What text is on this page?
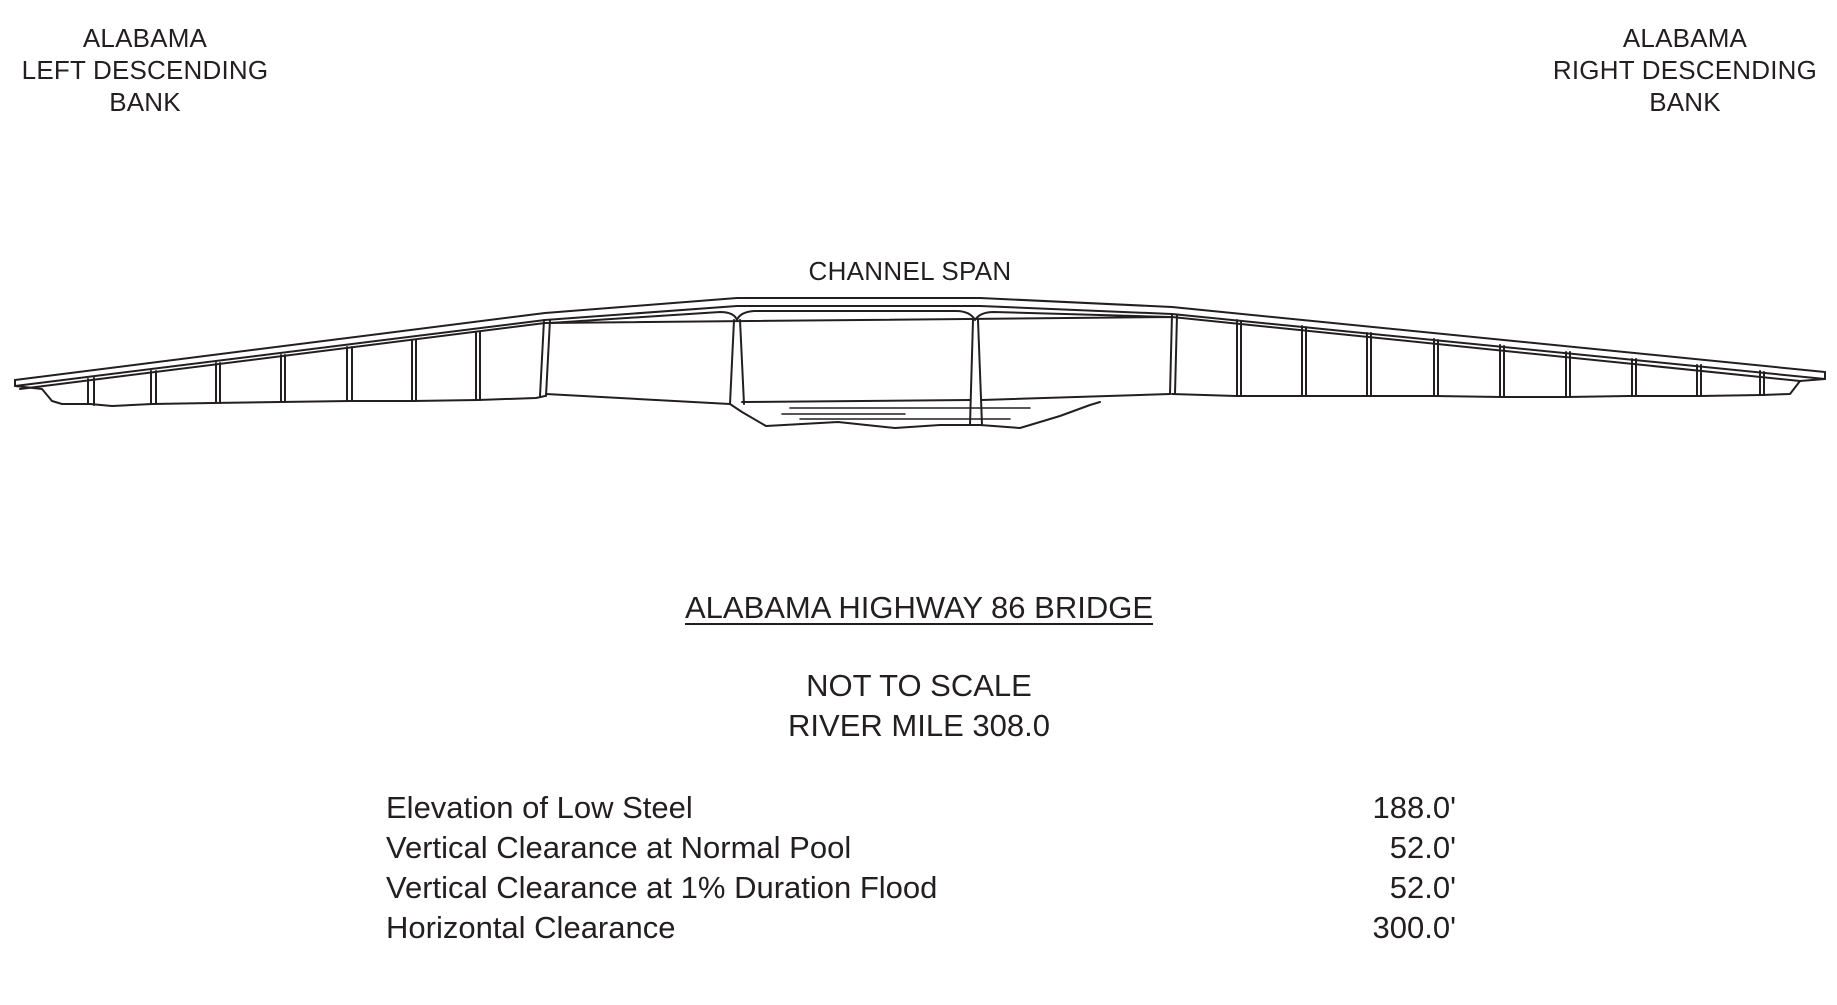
ALABAMA
LEFT DESCENDING
BANK
ALABAMA
RIGHT DESCENDING
BANK
CHANNEL SPAN
ALABAMA HIGHWAY 86 BRIDGE
NOT TO SCALE
RIVER MILE 308.0
Elevation of Low Steel	188.0'
Vertical Clearance at Normal Pool	52.0'
Vertical Clearance at 1% Duration Flood	52.0'
Horizontal Clearance	300.0'
